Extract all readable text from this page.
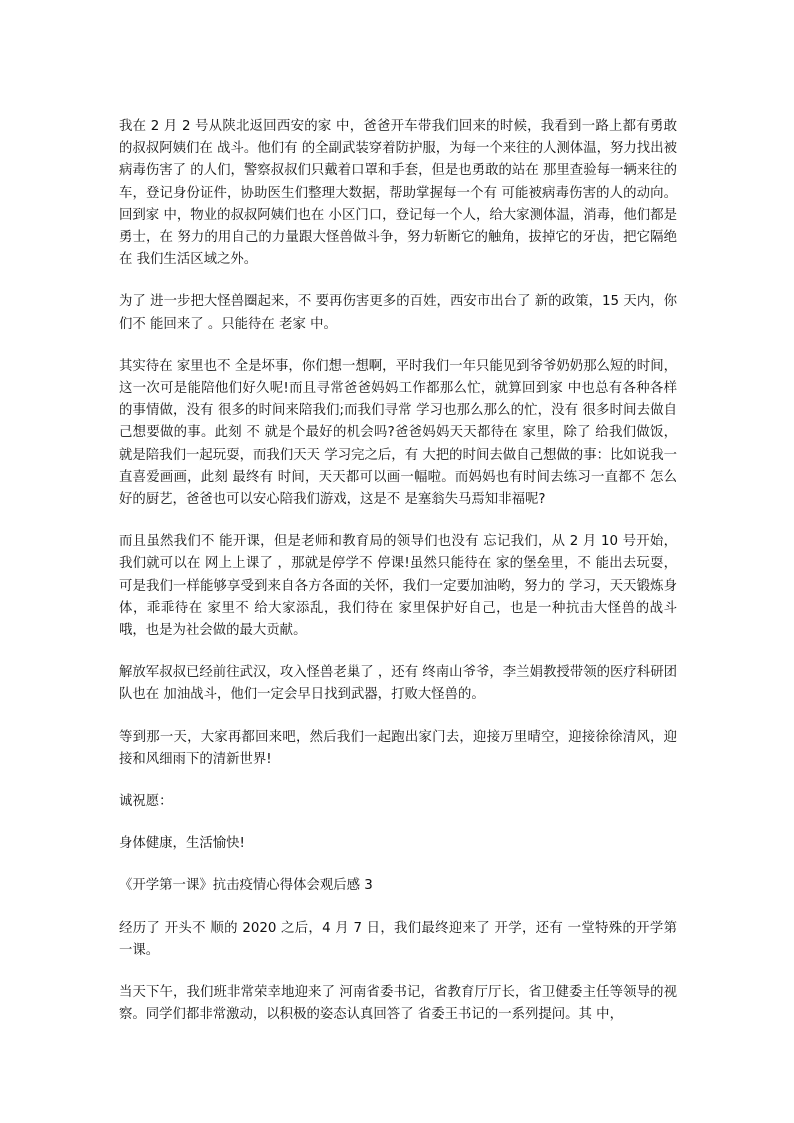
我在 2 月 2 号从陕北返回西安的家 中，爸爸开车带我们回来的时候，我看到一路上都有勇敢的叔叔阿姨们在 战斗。他们有 的全副武装穿着防护服，为每一个来往的人测体温，努力找出被病毒伤害了 的人们，警察叔叔们只戴着口罩和手套，但是也勇敢的站在 那里查验每一辆来往的车，登记身份证件，协助医生们整理大数据，帮助掌握每一个有 可能被病毒伤害的人的动向。回到家 中，物业的叔叔阿姨们也在 小区门口，登记每一个人，给大家测体温，消毒，他们都是勇士，在 努力的用自己的力量跟大怪兽做斗争，努力斩断它的触角，拔掉它的牙齿，把它隔绝在 我们生活区域之外。

为了 进一步把大怪兽圈起来，不 要再伤害更多的百姓，西安市出台了 新的政策，15 天内，你们不 能回来了 。只能待在 老家 中。

其实待在 家里也不 全是坏事，你们想一想啊，平时我们一年只能见到爷爷奶奶那么短的时间，这一次可是能陪他们好久呢!而且寻常爸爸妈妈工作都那么忙，就算回到家 中也总有各种各样的事情做，没有 很多的时间来陪我们;而我们寻常 学习也那么那么的忙，没有 很多时间去做自己想要做的事。此刻 不 就是个最好的机会吗?爸爸妈妈天天都待在 家里，除了 给我们做饭，就是陪我们一起玩耍，而我们天天 学习完之后，有 大把的时间去做自己想做的事：比如说我一直喜爱画画，此刻 最终有 时间，天天都可以画一幅啦。而妈妈也有时间去练习一直都不 怎么好的厨艺，爸爸也可以安心陪我们游戏，这是不 是塞翁失马焉知非福呢?

而且虽然我们不 能开课，但是老师和教育局的领导们也没有 忘记我们，从 2 月 10 号开始，我们就可以在 网上上课了 ，那就是停学不 停课!虽然只能待在 家的堡垒里，不 能出去玩耍，可是我们一样能够享受到来自各方各面的关怀，我们一定要加油哟，努力的 学习，天天锻炼身体，乖乖待在 家里不 给大家添乱，我们待在 家里保护好自己，也是一种抗击大怪兽的战斗哦，也是为社会做的最大贡献。

解放军叔叔已经前往武汉，攻入怪兽老巢了 ，还有 终南山爷爷，李兰娟教授带领的医疗科研团队也在 加油战斗，他们一定会早日找到武器，打败大怪兽的。

等到那一天，大家再都回来吧，然后我们一起跑出家门去，迎接万里晴空，迎接徐徐清风，迎接和风细雨下的清新世界!

诚祝愿：

身体健康，生活愉快!

《开学第一课》抗击疫情心得体会观后感 3

经历了 开头不 顺的 2020 之后，4 月 7 日，我们最终迎来了 开学，还有 一堂特殊的开学第一课。

当天下午，我们班非常荣幸地迎来了 河南省委书记，省教育厅厅长，省卫健委主任等领导的视察。同学们都非常激动，以积极的姿态认真回答了 省委王书记的一系列提问。其 中，
